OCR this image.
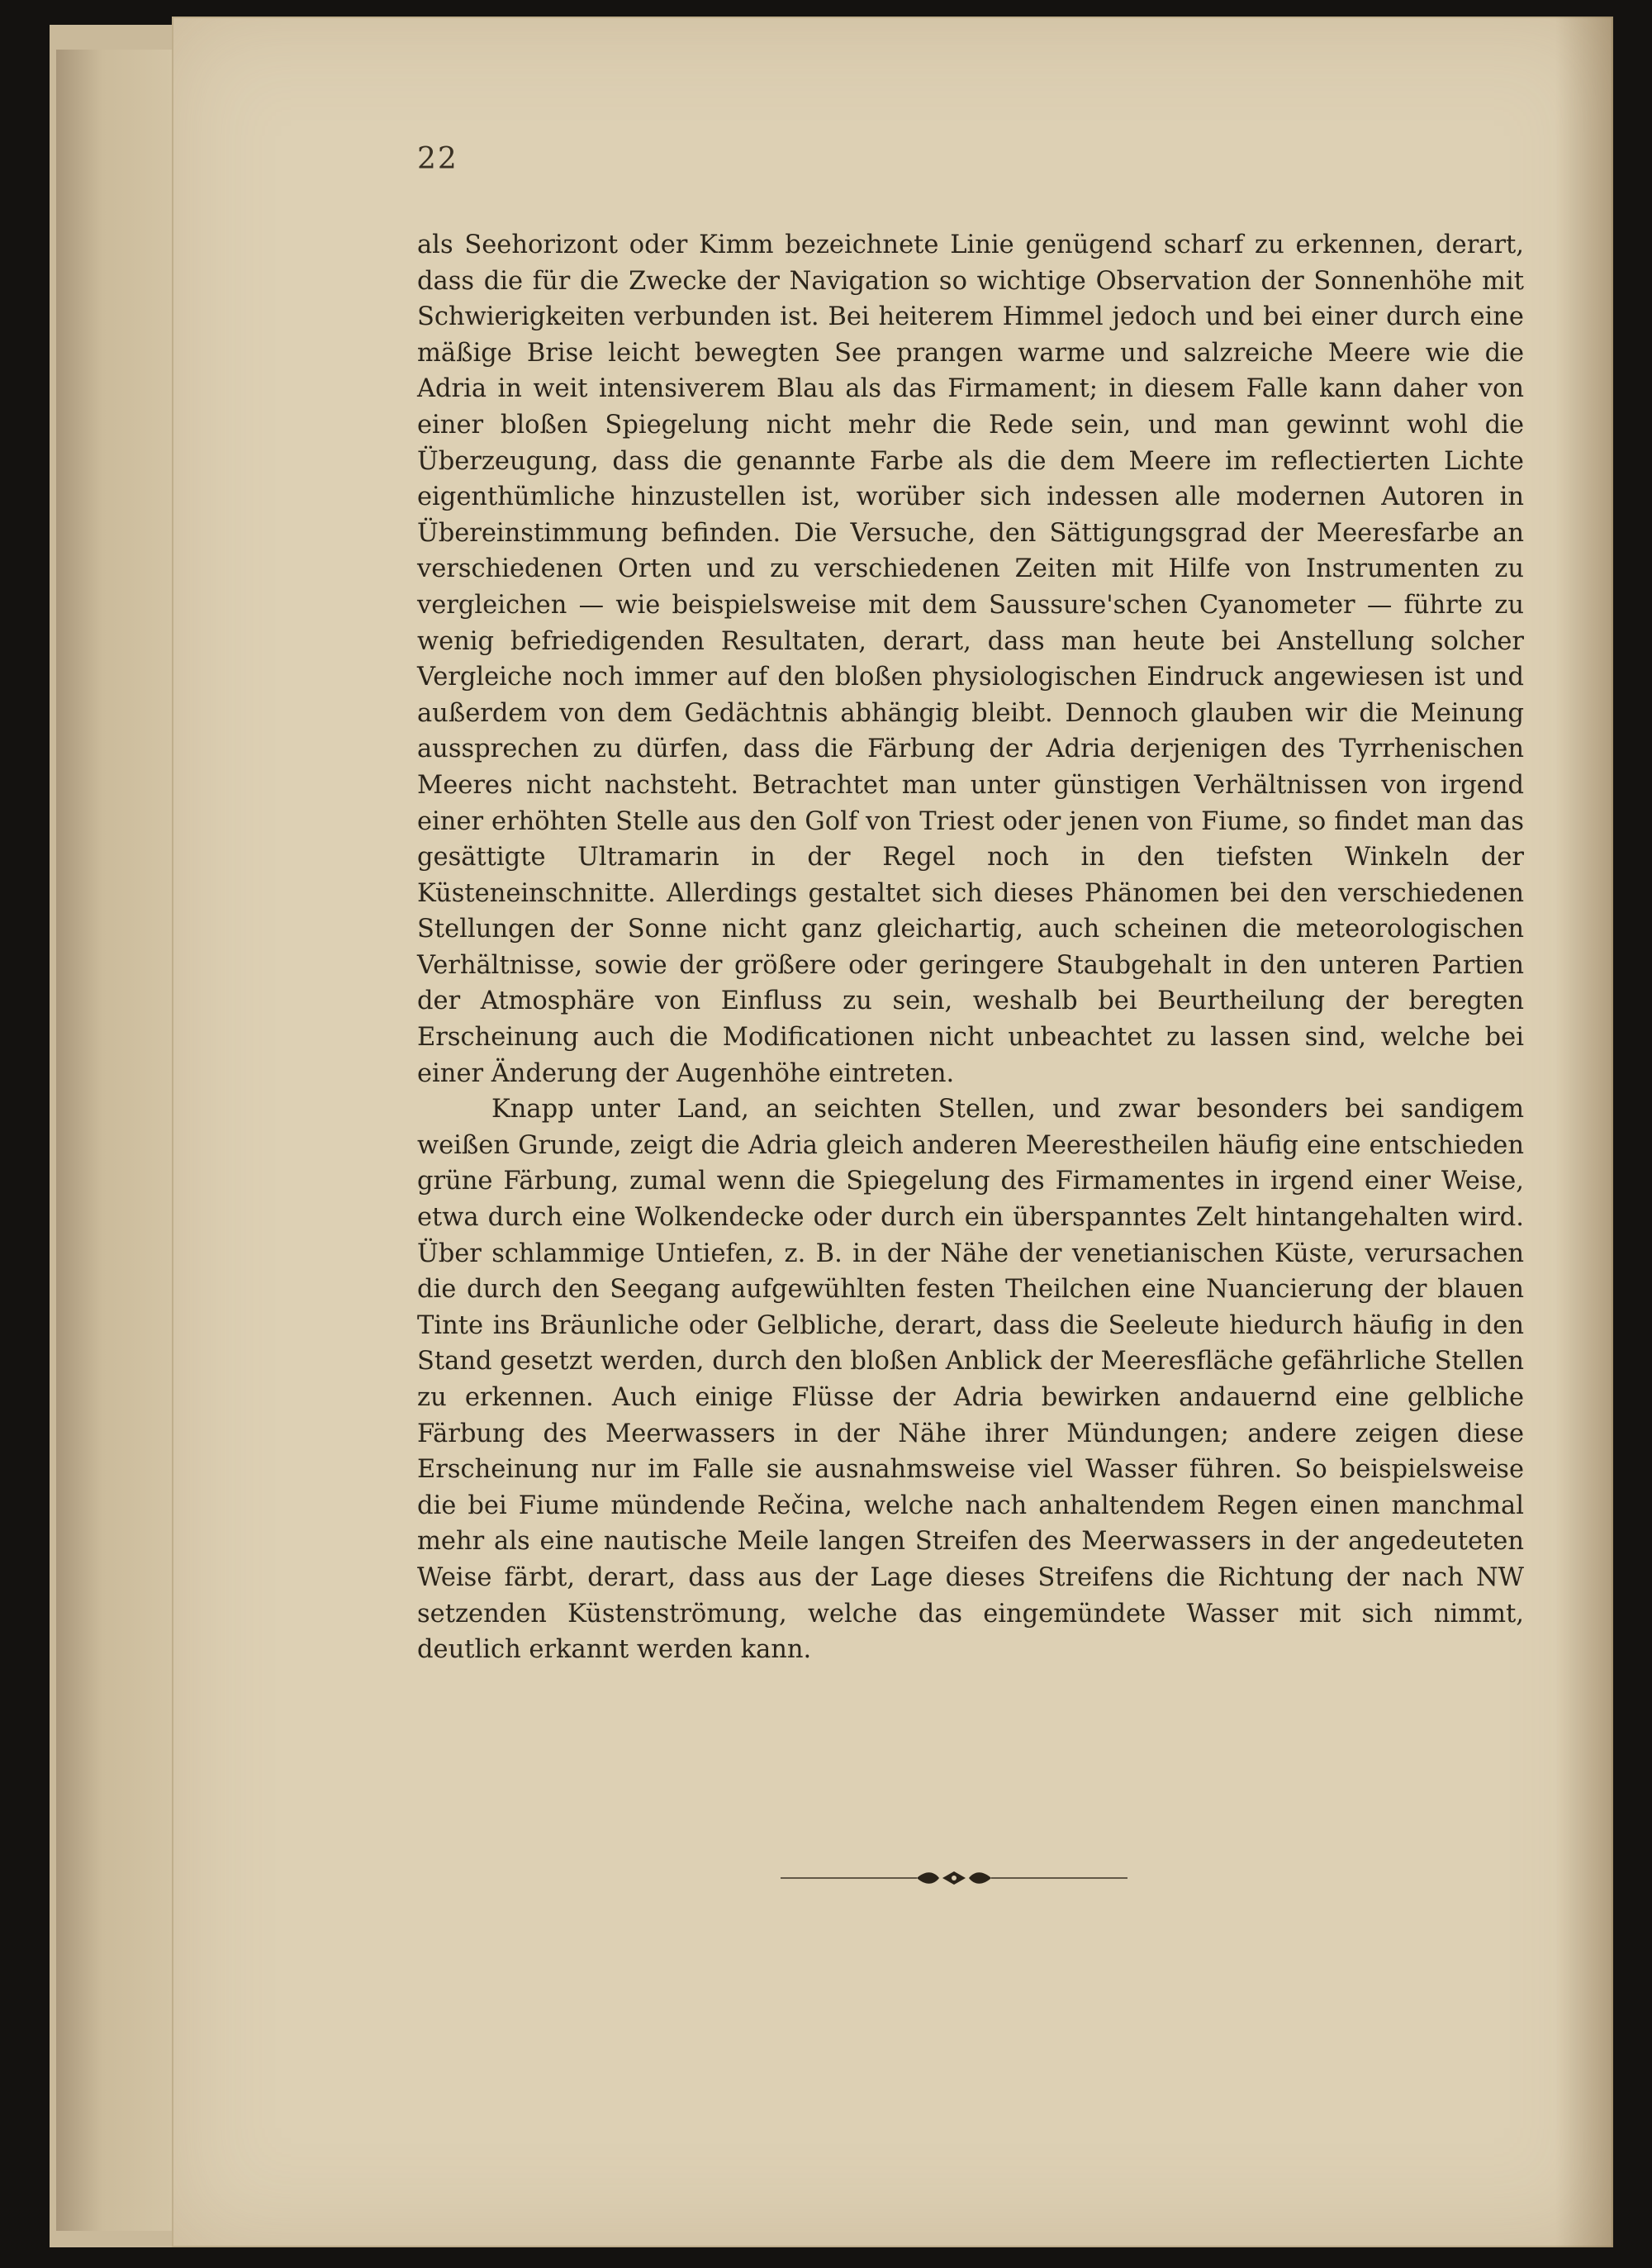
22

als Seehorizont oder Kimm bezeichnete Linie genügend scharf zu erkennen, derart, dass die für die Zwecke der Navigation so wichtige Observation der Sonnenhöhe mit Schwierigkeiten verbunden ist. Bei heiterem Himmel jedoch und bei einer durch eine mäßige Brise leicht bewegten See prangen warme und salzreiche Meere wie die Adria in weit intensiverem Blau als das Firmament; in diesem Falle kann daher von einer bloßen Spiegelung nicht mehr die Rede sein, und man gewinnt wohl die Überzeugung, dass die genannte Farbe als die dem Meere im reflectierten Lichte eigenthümliche hinzustellen ist, worüber sich indessen alle modernen Autoren in Übereinstimmung befinden. Die Versuche, den Sättigungsgrad der Meeresfarbe an verschiedenen Orten und zu verschiedenen Zeiten mit Hilfe von Instrumenten zu vergleichen — wie beispielsweise mit dem Saussure'schen Cyanometer — führte zu wenig befriedigenden Resultaten, derart, dass man heute bei Anstellung solcher Vergleiche noch immer auf den bloßen physiologischen Eindruck angewiesen ist und außerdem von dem Gedächtnis abhängig bleibt. Dennoch glauben wir die Meinung aussprechen zu dürfen, dass die Färbung der Adria derjenigen des Tyrrhenischen Meeres nicht nachsteht. Betrachtet man unter günstigen Verhältnissen von irgend einer erhöhten Stelle aus den Golf von Triest oder jenen von Fiume, so findet man das gesättigte Ultramarin in der Regel noch in den tiefsten Winkeln der Küsteneinschnitte. Allerdings gestaltet sich dieses Phänomen bei den verschiedenen Stellungen der Sonne nicht ganz gleichartig, auch scheinen die meteorologischen Verhältnisse, sowie der größere oder geringere Staubgehalt in den unteren Partien der Atmosphäre von Einfluss zu sein, weshalb bei Beurtheilung der beregten Erscheinung auch die Modificationen nicht unbeachtet zu lassen sind, welche bei einer Änderung der Augenhöhe eintreten.

Knapp unter Land, an seichten Stellen, und zwar besonders bei sandigem weißen Grunde, zeigt die Adria gleich anderen Meerestheilen häufig eine entschieden grüne Färbung, zumal wenn die Spiegelung des Firmamentes in irgend einer Weise, etwa durch eine Wolkendecke oder durch ein überspanntes Zelt hintangehalten wird. Über schlammige Untiefen, z. B. in der Nähe der venetianischen Küste, verursachen die durch den Seegang aufgewühlten festen Theilchen eine Nuancierung der blauen Tinte ins Bräunliche oder Gelbliche, derart, dass die Seeleute hiedurch häufig in den Stand gesetzt werden, durch den bloßen Anblick der Meeresfläche gefährliche Stellen zu erkennen. Auch einige Flüsse der Adria bewirken andauernd eine gelbliche Färbung des Meerwassers in der Nähe ihrer Mündungen; andere zeigen diese Erscheinung nur im Falle sie ausnahmsweise viel Wasser führen. So beispielsweise die bei Fiume mündende Rečina, welche nach anhaltendem Regen einen manchmal mehr als eine nautische Meile langen Streifen des Meerwassers in der angedeuteten Weise färbt, derart, dass aus der Lage dieses Streifens die Richtung der nach NW setzenden Küstenströmung, welche das eingemündete Wasser mit sich nimmt, deutlich erkannt werden kann.
